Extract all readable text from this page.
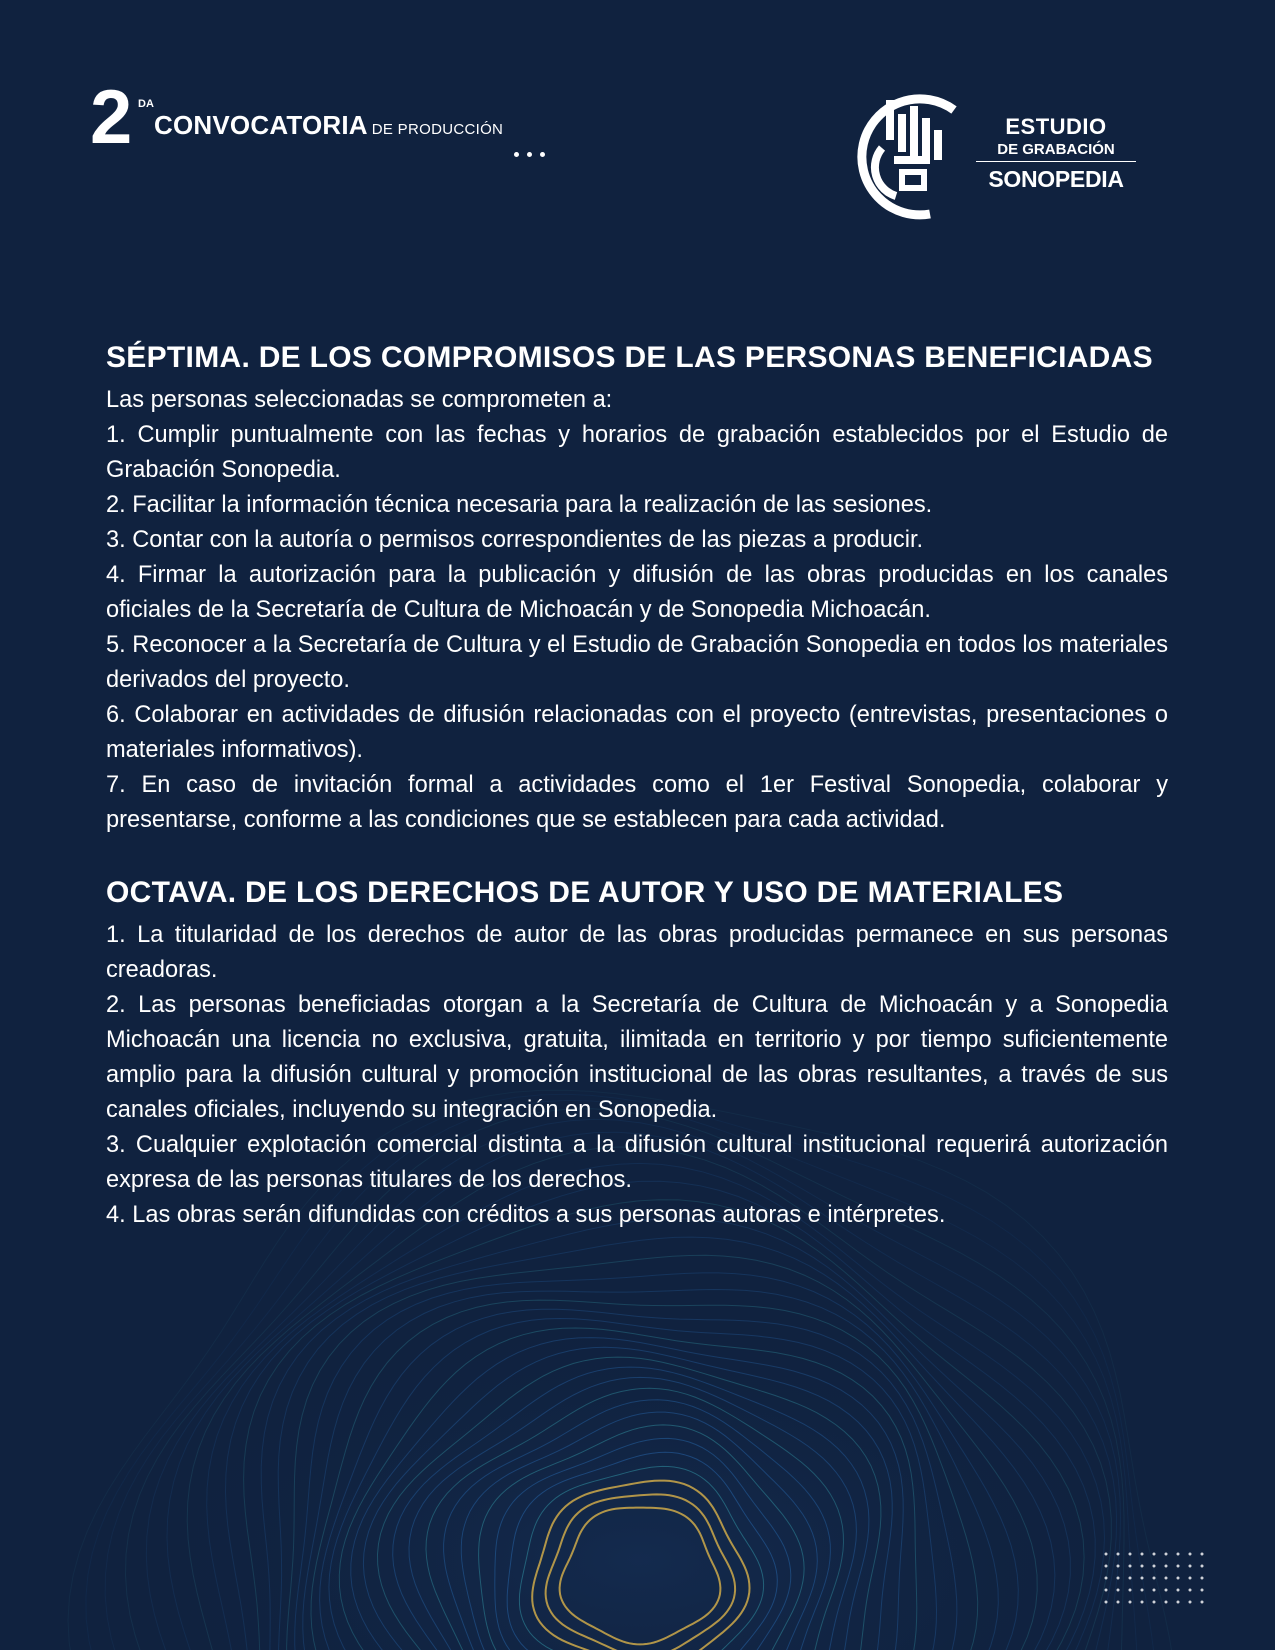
2 DA
CONVOCATORIA DE PRODUCCIÓN	ESTUDIO
DE GRABACIÓN
SONOPEDIA
SÉPTIMA. DE LOS COMPROMISOS DE LAS PERSONAS BENEFICIADAS

Las personas seleccionadas se comprometen a:

1. Cumplir puntualmente con las fechas y horarios de grabación establecidos por el Estudio de Grabación Sonopedia.

2. Facilitar la información técnica necesaria para la realización de las sesiones.

3. Contar con la autoría o permisos correspondientes de las piezas a producir.

4. Firmar la autorización para la publicación y difusión de las obras producidas en los canales oficiales de la Secretaría de Cultura de Michoacán y de Sonopedia Michoacán.

5. Reconocer a la Secretaría de Cultura y el Estudio de Grabación Sonopedia en todos los materiales derivados del proyecto.

6. Colaborar en actividades de difusión relacionadas con el proyecto (entrevistas, presentaciones o materiales informativos).

7. En caso de invitación formal a actividades como el 1er Festival Sonopedia, colaborar y presentarse, conforme a las condiciones que se establecen para cada actividad.

OCTAVA. DE LOS DERECHOS DE AUTOR Y USO DE MATERIALES

1. La titularidad de los derechos de autor de las obras producidas permanece en sus personas creadoras.

2. Las personas beneficiadas otorgan a la Secretaría de Cultura de Michoacán y a Sonopedia Michoacán una licencia no exclusiva, gratuita, ilimitada en territorio y por tiempo suficientemente amplio para la difusión cultural y promoción institucional de las obras resultantes, a través de sus canales oficiales, incluyendo su integración en Sonopedia.

3. Cualquier explotación comercial distinta a la difusión cultural institucional requerirá autorización expresa de las personas titulares de los derechos.

4. Las obras serán difundidas con créditos a sus personas autoras e intérpretes.
